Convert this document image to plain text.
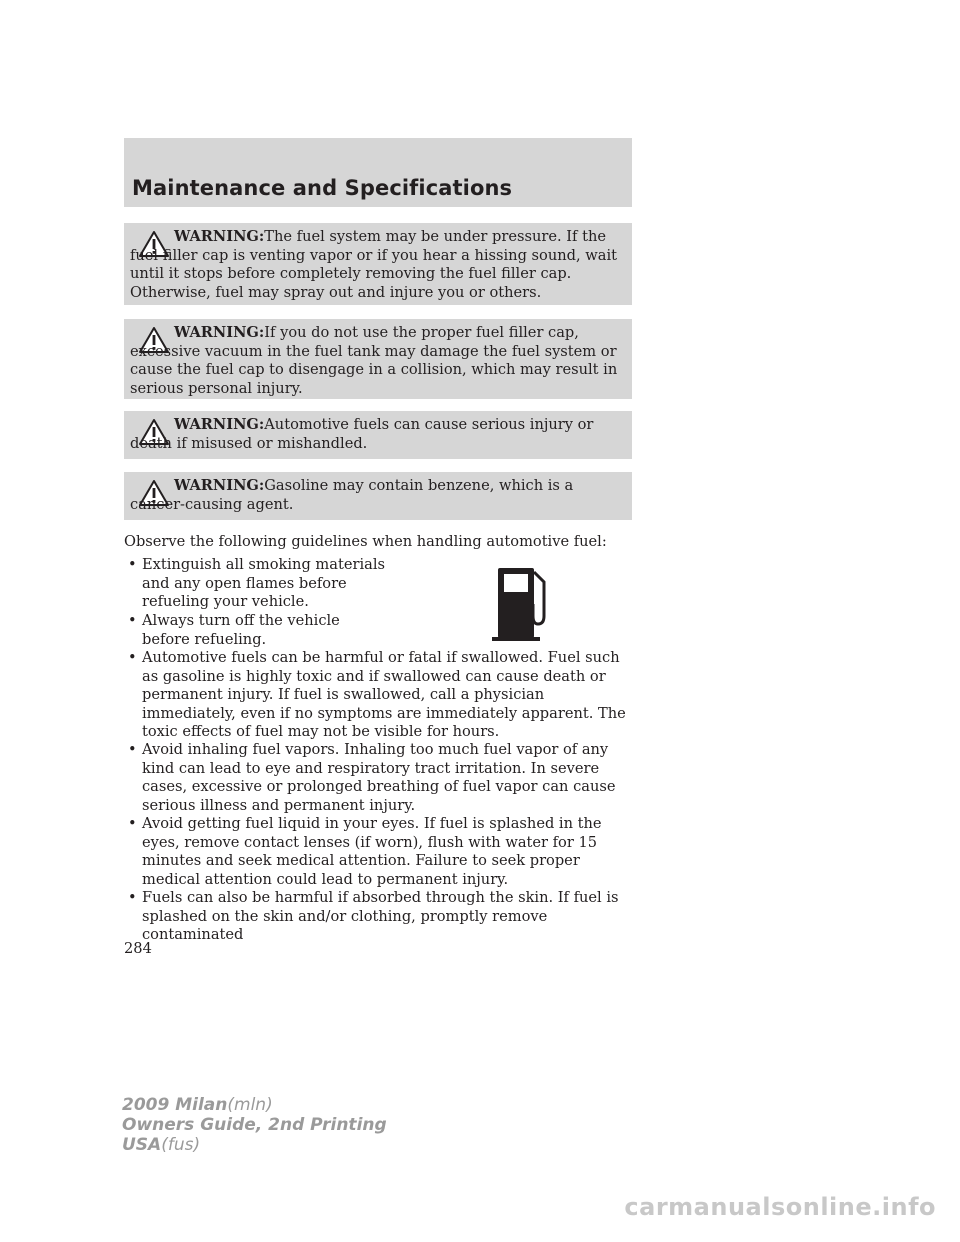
Maintenance and Specifications
WARNING:The fuel system may be under pressure. If the fuel filler cap is venting vapor or if you hear a hissing sound, wait until it stops before completely removing the fuel filler cap. Otherwise, fuel may spray out and injure you or others.
WARNING:If you do not use the proper fuel filler cap, excessive vacuum in the fuel tank may damage the fuel system or cause the fuel cap to disengage in a collision, which may result in serious personal injury.
WARNING:Automotive fuels can cause serious injury or death if misused or mishandled.
WARNING:Gasoline may contain benzene, which is a cancer-causing agent.
Observe the following guidelines when handling automotive fuel:
• Extinguish all smoking materials and any open flames before refueling your vehicle.
• Always turn off the vehicle before refueling.
• Automotive fuels can be harmful or fatal if swallowed. Fuel such as gasoline is highly toxic and if swallowed can cause death or permanent injury. If fuel is swallowed, call a physician immediately, even if no symptoms are immediately apparent. The toxic effects of fuel may not be visible for hours.
• Avoid inhaling fuel vapors. Inhaling too much fuel vapor of any kind can lead to eye and respiratory tract irritation. In severe cases, excessive or prolonged breathing of fuel vapor can cause serious illness and permanent injury.
• Avoid getting fuel liquid in your eyes. If fuel is splashed in the eyes, remove contact lenses (if worn), flush with water for 15 minutes and seek medical attention. Failure to seek proper medical attention could lead to permanent injury.
• Fuels can also be harmful if absorbed through the skin. If fuel is splashed on the skin and/or clothing, promptly remove contaminated
284
2009 Milan(mln)
Owners Guide, 2nd Printing
USA(fus)
carmanualsonline.info
